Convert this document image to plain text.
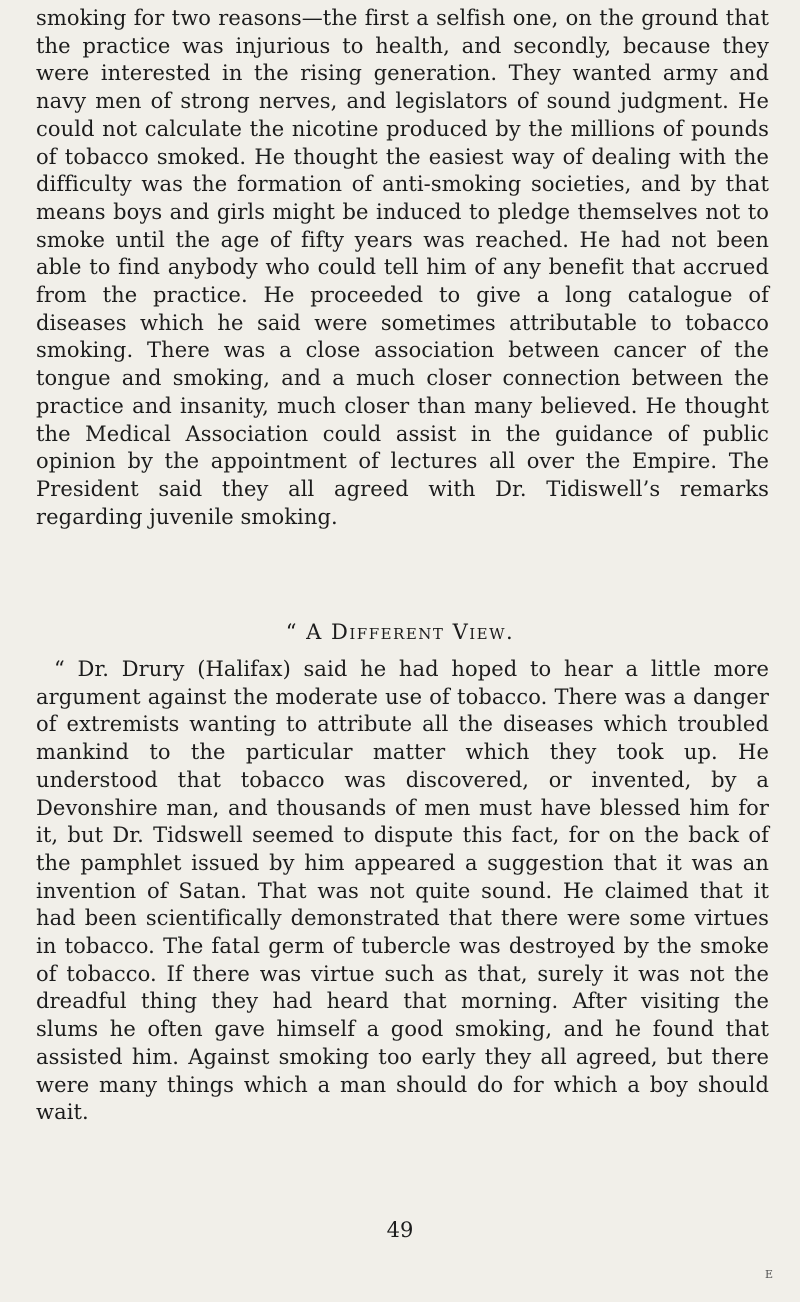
smoking for two reasons—the first a selfish one, on the ground that the practice was injurious to health, and secondly, because they were interested in the rising generation. They wanted army and navy men of strong nerves, and legislators of sound judgment. He could not calculate the nicotine produced by the millions of pounds of tobacco smoked. He thought the easiest way of dealing with the difficulty was the formation of anti-smoking societies, and by that means boys and girls might be induced to pledge themselves not to smoke until the age of fifty years was reached. He had not been able to find anybody who could tell him of any benefit that accrued from the practice. He proceeded to give a long catalogue of diseases which he said were sometimes attributable to tobacco smoking. There was a close association between cancer of the tongue and smoking, and a much closer connection between the practice and insanity, much closer than many believed. He thought the Medical Association could assist in the guidance of public opinion by the appointment of lectures all over the Empire. The President said they all agreed with Dr. Tidiswell’s remarks regarding juvenile smoking.

“ A Different View.

“ Dr. Drury (Halifax) said he had hoped to hear a little more argument against the moderate use of tobacco. There was a danger of extremists wanting to attribute all the diseases which troubled mankind to the particular matter which they took up. He understood that tobacco was discovered, or invented, by a Devonshire man, and thousands of men must have blessed him for it, but Dr. Tidswell seemed to dispute this fact, for on the back of the pamphlet issued by him appeared a suggestion that it was an invention of Satan. That was not quite sound. He claimed that it had been scientifically demonstrated that there were some virtues in tobacco. The fatal germ of tubercle was destroyed by the smoke of tobacco. If there was virtue such as that, surely it was not the dreadful thing they had heard that morning. After visiting the slums he often gave himself a good smoking, and he found that assisted him. Against smoking too early they all agreed, but there were many things which a man should do for which a boy should wait.

49
E
